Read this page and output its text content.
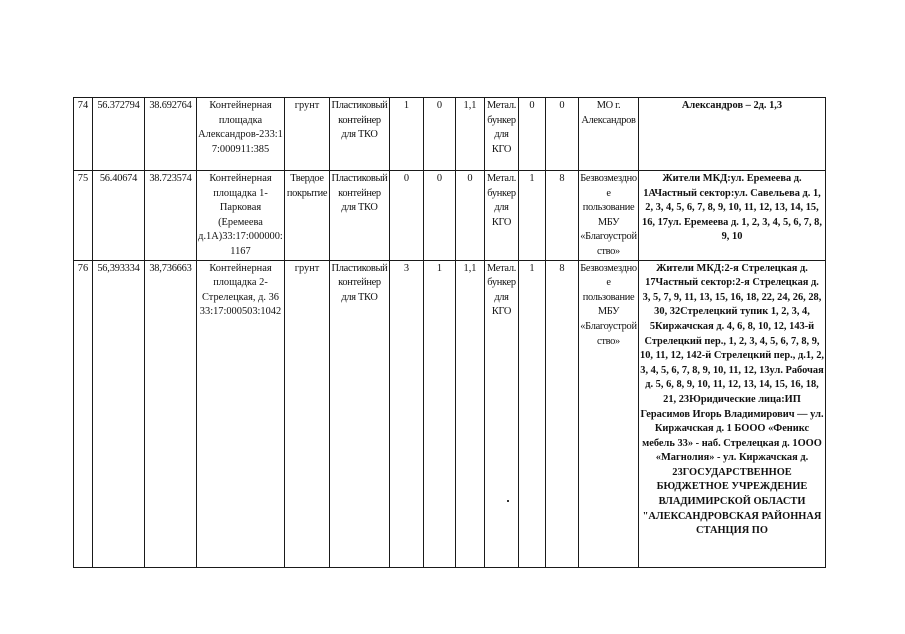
74	56.372794	38.692764	Контейнерная площадка Александров-233:17:000911:385	грунт	Пластиковый контейнер для ТКО	1	0	1,1	Метал. бункер для КГО	0	0	МО г. Александров	Александров – 2д. 1,3
75	56.40674	38.723574	Контейнерная площадка 1-Парковая (Еремеева д.1А)33:17:000000:1167	Твердое покрытие	Пластиковый контейнер для ТКО	0	0	0	Метал. бункер для КГО	1	8	Безвозмездное пользование МБУ «Благоустройство»	Жители МКД:ул. Еремеева д. 1АЧастный сектор:ул. Савельева д. 1, 2, 3, 4, 5, 6, 7, 8, 9, 10, 11, 12, 13, 14, 15, 16, 17ул. Еремеева д. 1, 2, 3, 4, 5, 6, 7, 8, 9, 10
76	56,393334	38,736663	Контейнерная площадка 2-Стрелецкая, д. 36 33:17:000503:1042	грунт	Пластиковый контейнер для ТКО	3	1	1,1	Метал. бункер для КГО	1	8	Безвозмездное пользование МБУ «Благоустройство»	Жители МКД:2-я Стрелецкая д. 17Частный сектор:2-я Стрелецкая д. 3, 5, 7, 9, 11, 13, 15, 16, 18, 22, 24, 26, 28, 30, 32Стрелецкий тупик 1, 2, 3, 4, 5Киржачская д. 4, 6, 8, 10, 12, 143-й Стрелецкий пер., 1, 2, 3, 4, 5, 6, 7, 8, 9, 10, 11, 12, 142-й Стрелецкий пер., д.1, 2, 3, 4, 5, 6, 7, 8, 9, 10, 11, 12, 13ул. Рабочая д. 5, 6, 8, 9, 10, 11, 12, 13, 14, 15, 16, 18, 21, 23Юридические лица:ИП Герасимов Игорь Владимирович — ул. Киржачская д. 1 БООО «Феникс мебель 33» - наб. Стрелецкая д. 1ООО «Магнолия» - ул. Киржачская д. 23ГОСУДАРСТВЕННОЕ БЮДЖЕТНОЕ УЧРЕЖДЕНИЕ ВЛАДИМИРСКОЙ ОБЛАСТИ "АЛЕКСАНДРОВСКАЯ РАЙОННАЯ СТАНЦИЯ ПО
